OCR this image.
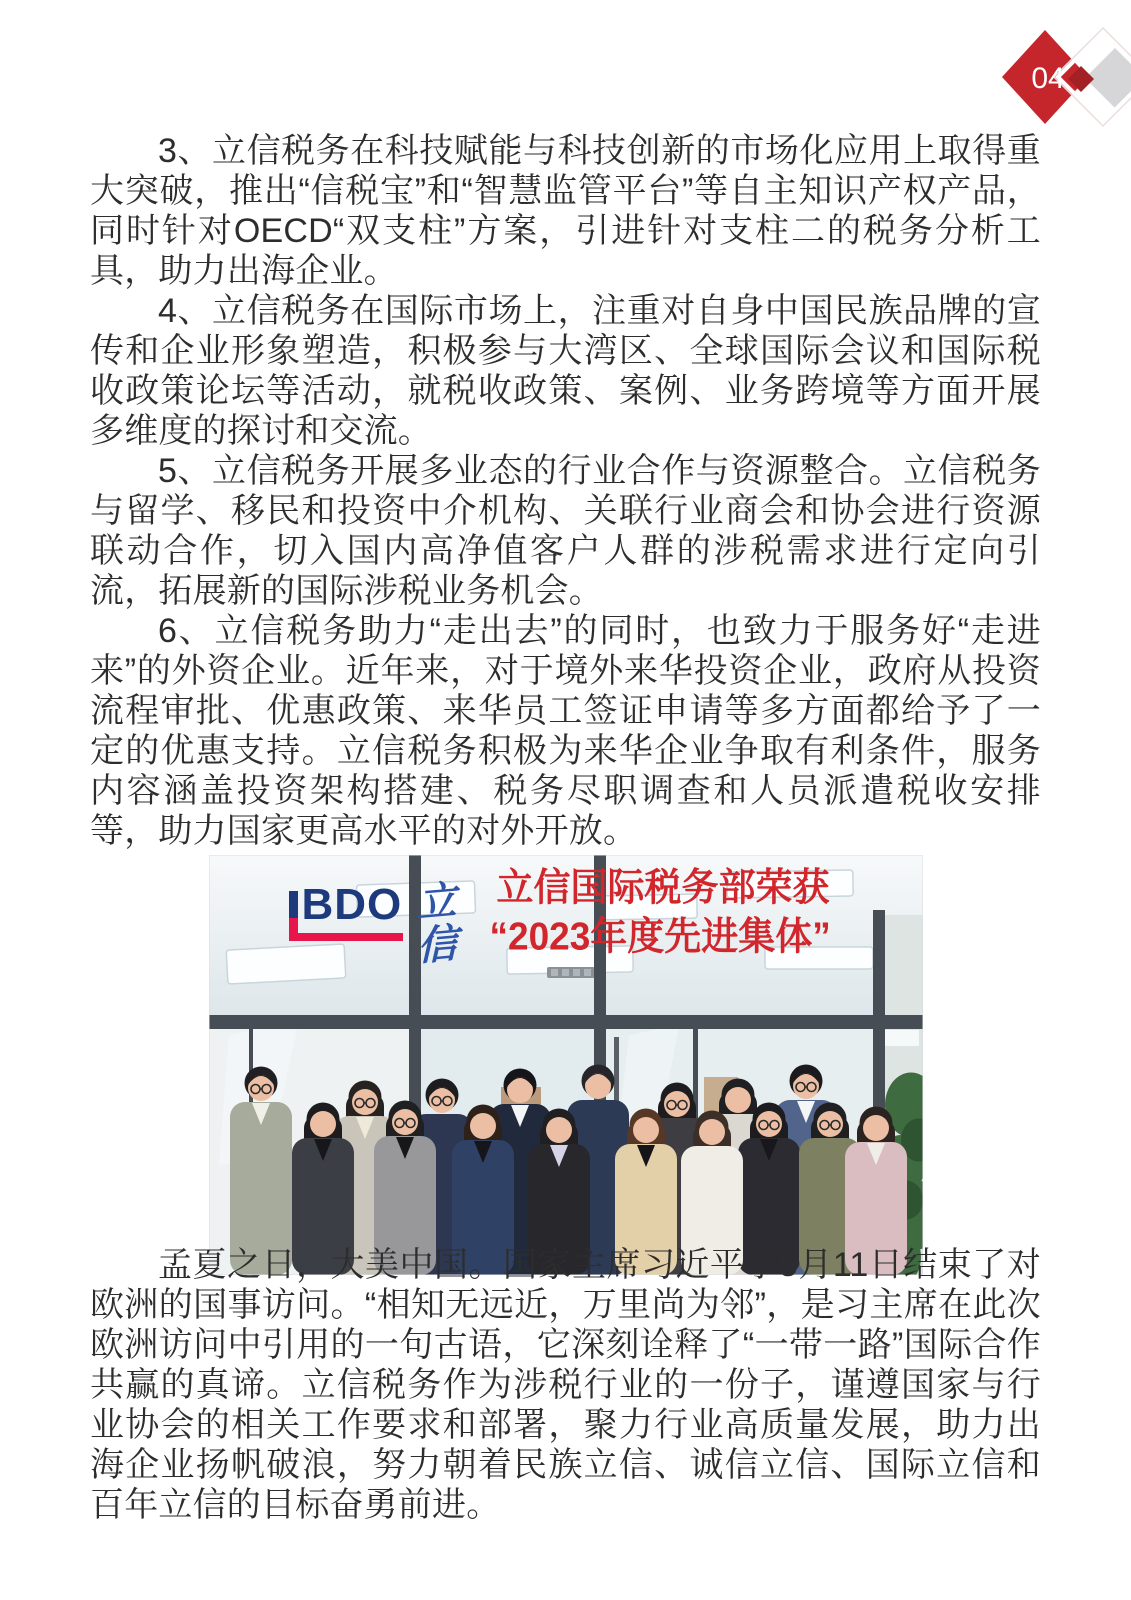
04

3、立信税务在科技赋能与科技创新的市场化应用上取得重大突破，推出“信税宝”和“智慧监管平台”等自主知识产权产品，同时针对OECD“双支柱”方案，引进针对支柱二的税务分析工具，助力出海企业。

4、立信税务在国际市场上，注重对自身中国民族品牌的宣传和企业形象塑造，积极参与大湾区、全球国际会议和国际税收政策论坛等活动，就税收政策、案例、业务跨境等方面开展多维度的探讨和交流。

5、立信税务开展多业态的行业合作与资源整合。立信税务与留学、移民和投资中介机构、关联行业商会和协会进行资源联动合作，切入国内高净值客户人群的涉税需求进行定向引流，拓展新的国际涉税业务机会。

6、立信税务助力“走出去”的同时，也致力于服务好“走进来”的外资企业。近年来，对于境外来华投资企业，政府从投资流程审批、优惠政策、来华员工签证申请等多方面都给予了一定的优惠支持。立信税务积极为来华企业争取有利条件，服务内容涵盖投资架构搭建、税务尽职调查和人员派遣税收安排等，助力国家更高水平的对外开放。

BDO 立信
立信国际税务部荣获
“2023年度先进集体”

孟夏之日，大美中国。国家主席习近平于5月11日结束了对欧洲的国事访问。“相知无远近，万里尚为邻”，是习主席在此次欧洲访问中引用的一句古语，它深刻诠释了“一带一路”国际合作共赢的真谛。立信税务作为涉税行业的一份子，谨遵国家与行业协会的相关工作要求和部署，聚力行业高质量发展，助力出海企业扬帆破浪，努力朝着民族立信、诚信立信、国际立信和百年立信的目标奋勇前进。
